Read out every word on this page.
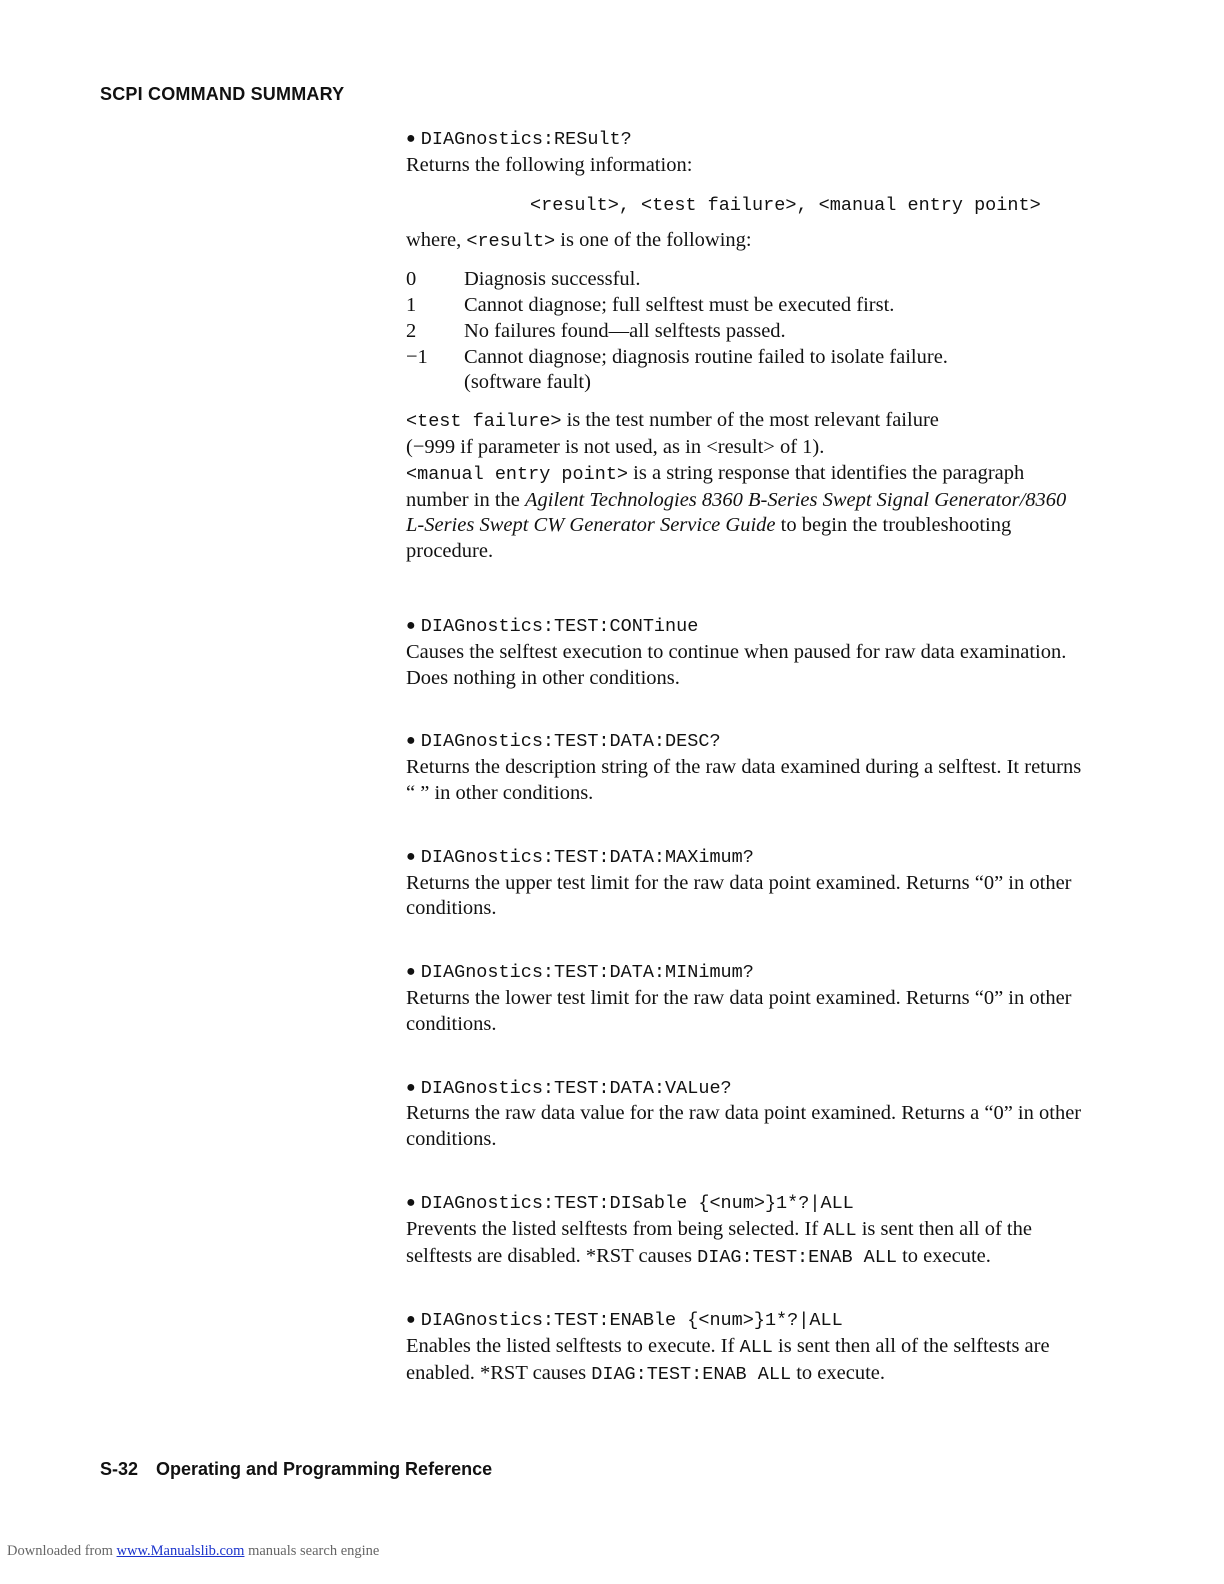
SCPI COMMAND SUMMARY

● DIAGnostics:RESult?

Returns the following information:

<result>, <test failure>, <manual entry point>

where, <result> is one of the following:

0	Diagnosis successful.
1	Cannot diagnose; full selftest must be executed first.
2	No failures found—all selftests passed.
−1	Cannot diagnose; diagnosis routine failed to isolate failure.
(software fault)

<test failure> is the test number of the most relevant failure
(−999 if parameter is not used, as in <result> of 1).

<manual entry point> is a string response that identifies the paragraph number in the Agilent Technologies 8360 B-Series Swept Signal Generator/8360 L-Series Swept CW Generator Service Guide to begin the troubleshooting procedure.

● DIAGnostics:TEST:CONTinue

Causes the selftest execution to continue when paused for raw data examination. Does nothing in other conditions.

● DIAGnostics:TEST:DATA:DESC?

Returns the description string of the raw data examined during a selftest. It returns “ ” in other conditions.

● DIAGnostics:TEST:DATA:MAXimum?

Returns the upper test limit for the raw data point examined. Returns “0” in other conditions.

● DIAGnostics:TEST:DATA:MINimum?

Returns the lower test limit for the raw data point examined. Returns “0” in other conditions.

● DIAGnostics:TEST:DATA:VALue?

Returns the raw data value for the raw data point examined. Returns a “0” in other conditions.

● DIAGnostics:TEST:DISable {<num>}1*?|ALL

Prevents the listed selftests from being selected. If ALL is sent then all of the selftests are disabled. *RST causes DIAG:TEST:ENAB ALL to execute.

● DIAGnostics:TEST:ENABle {<num>}1*?|ALL

Enables the listed selftests to execute. If ALL is sent then all of the selftests are enabled. *RST causes DIAG:TEST:ENAB ALL to execute.

S-32 Operating and Programming Reference
Downloaded from www.Manualslib.com manuals search engine
